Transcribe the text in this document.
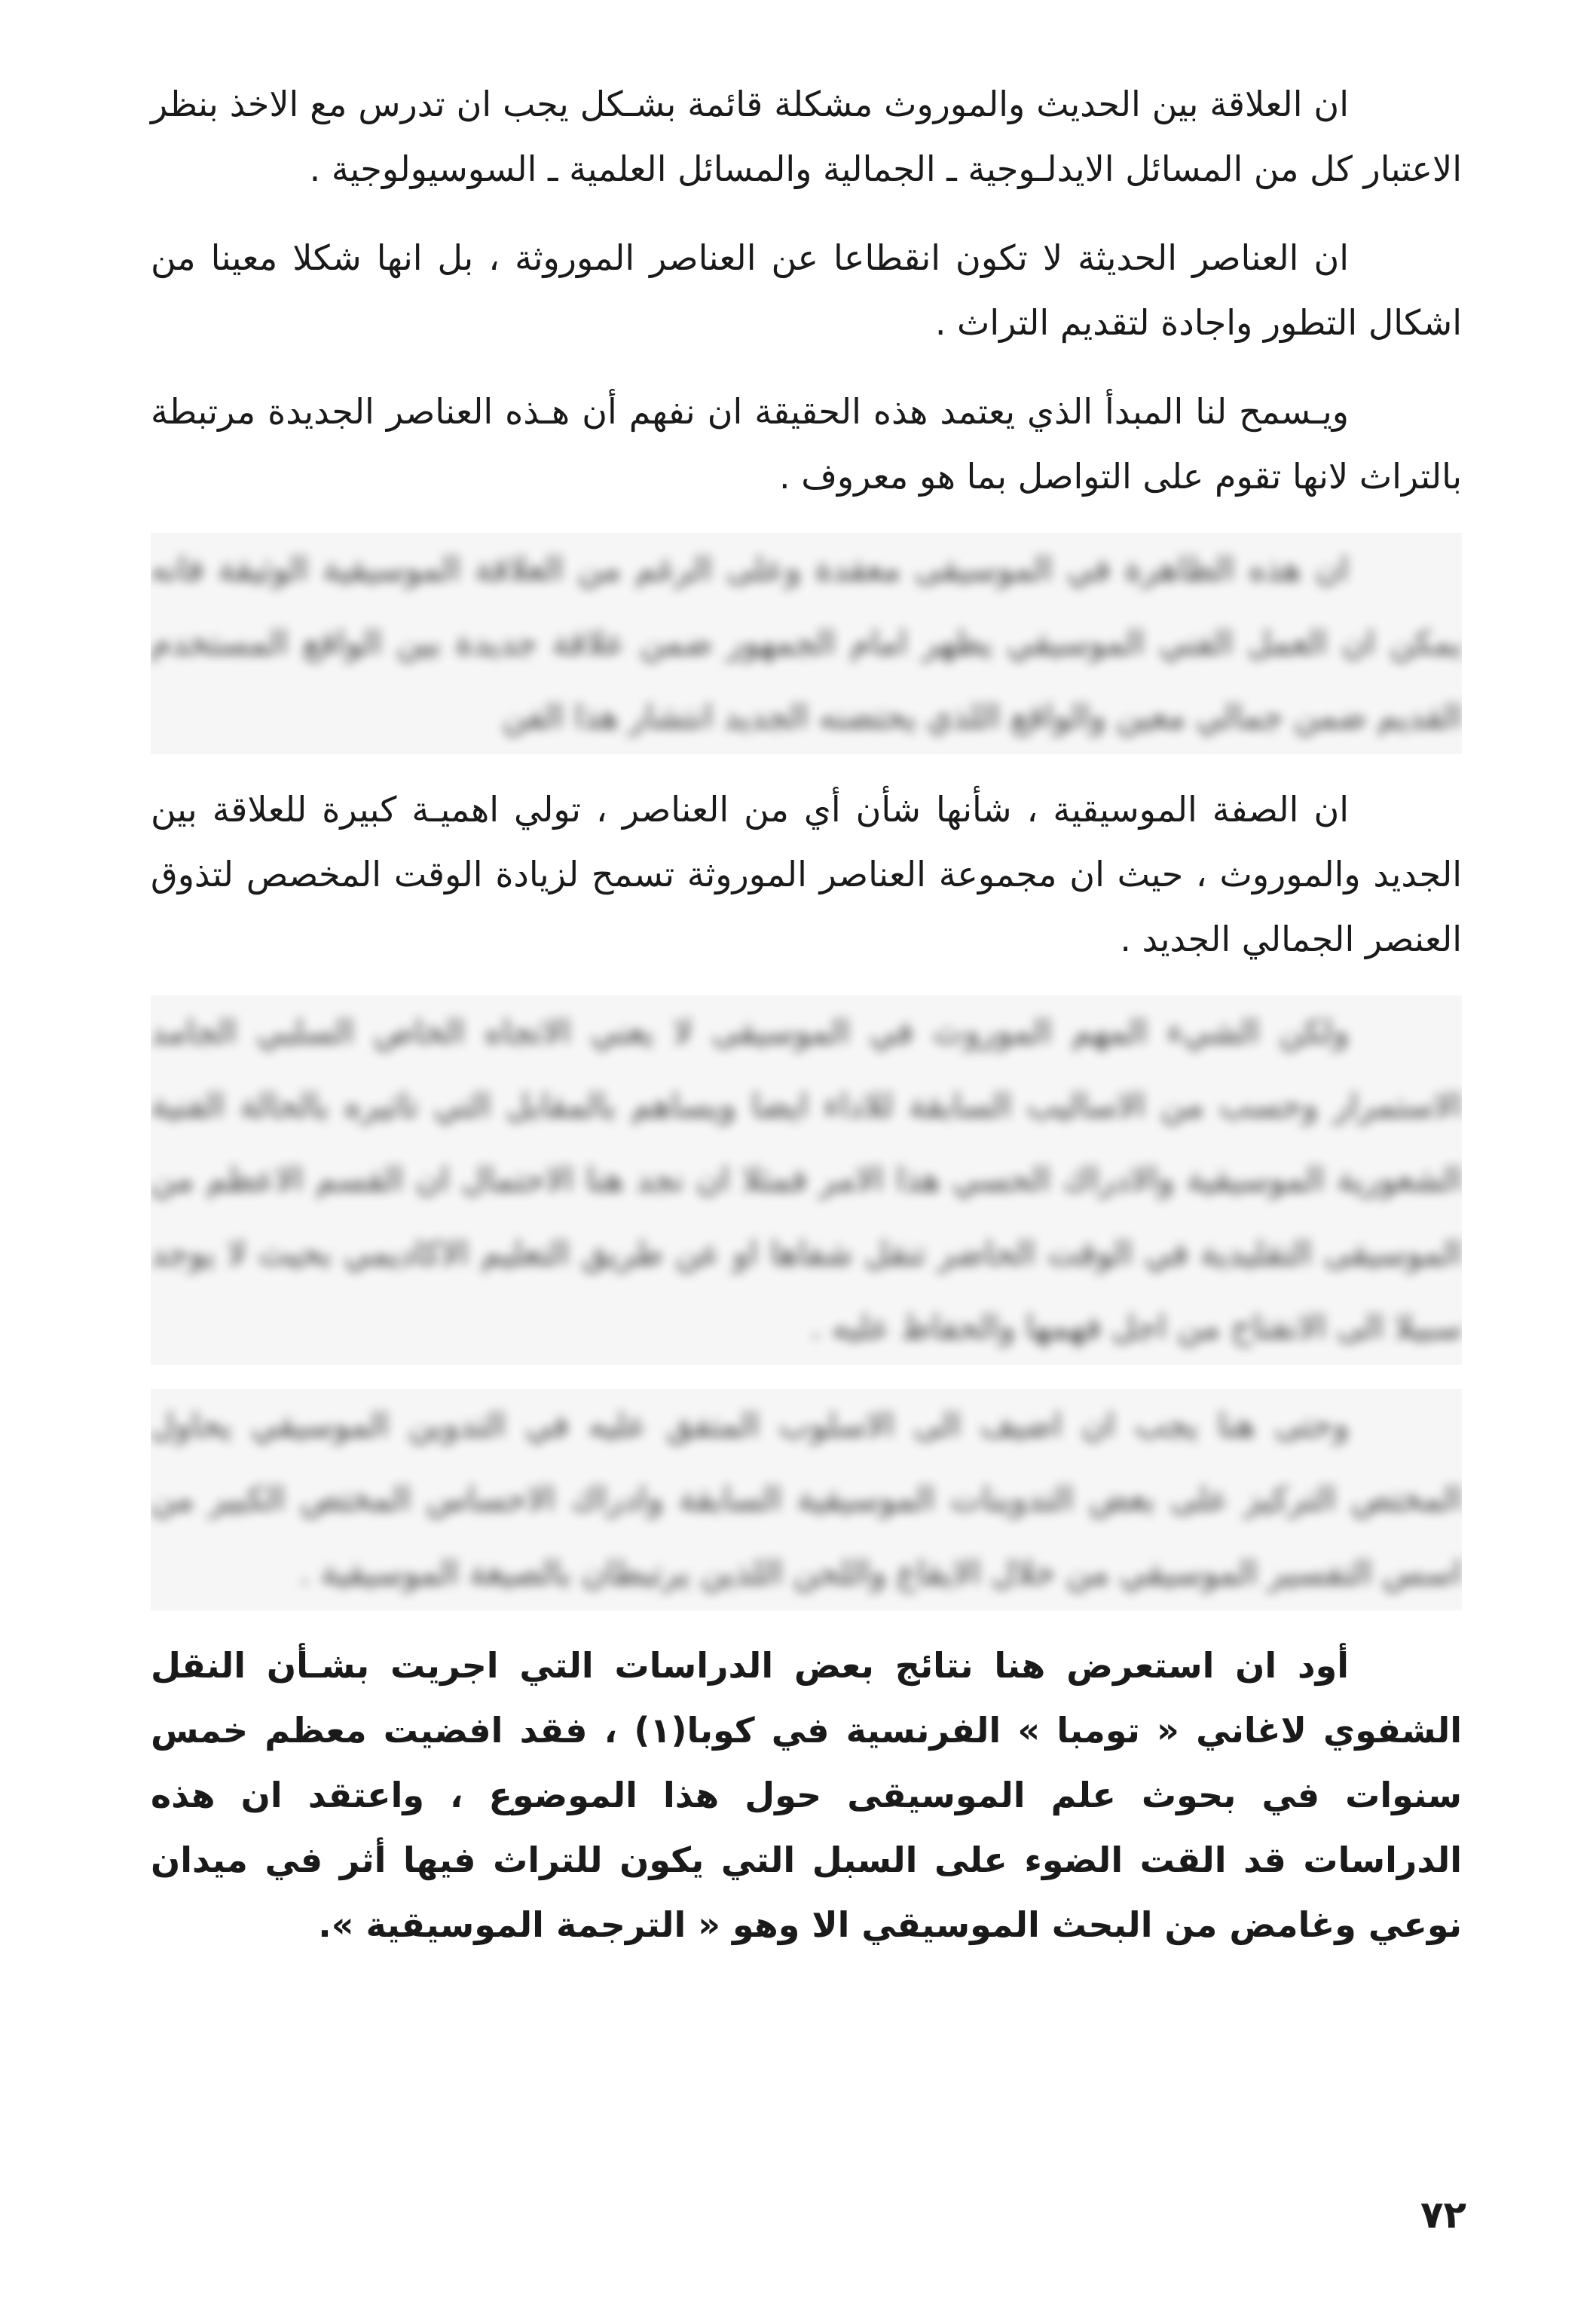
ان العلاقة بين الحديث والموروث مشكلة قائمة بشـكل يجب ان تدرس مع الاخذ بنظر الاعتبار كل من المسائل الايدلـوجية ـ الجمالية والمسائل العلمية ـ السوسيولوجية .

ان العناصر الحديثة لا تكون انقطاعا عن العناصر الموروثة ، بل انها شكلا معينا من اشكال التطور واجادة لتقديم التراث .

ويـسمح لنا المبدأ الذي يعتمد هذه الحقيقة ان نفهم أن هـذه العناصر الجديدة مرتبطة بالتراث لانها تقوم على التواصل بما هو معروف .

ان هذه الظاهرة في الموسيقى معقدة وعلى الرغم من العلاقة الموسيقية الوثيقة فانه يمكن ان العمل الفني الموسيقي يظهر امام الجمهور ضمن علاقة جديدة بين الواقع المستخدم القديم ضمن جمالي معين والواقع اللذي يحتضنه الجديد انتشار هذا الفن

ان الصفة الموسيقية ، شأنها شأن أي من العناصر ، تولي اهميـة كبيرة للعلاقة بين الجديد والموروث ، حيث ان مجموعة العناصر الموروثة تسمح لزيادة الوقت المخصص لتذوق العنصر الجمالي الجديد .

ولكن الشيء المهم الموروث في الموسيقى لا يعني الاتجاه الخاص السلبي الجامد الاستمرار وحسب من الاساليب السابقة للاداء ايضا ويساهم بالمقابل التي تاثيره بالحالة الفنية الشعورية الموسيقية والادراك الحسي هذا الامر فمثلا ان نجد هنا الاحتمال ان القسم الاعظم من الموسيقى التقليدية في الوقت الحاضر تنقل شفاها او عن طريق التعليم الاكاديمي بحيث لا يوجد سبيلا الى الانفتاح من اجل فهمها والحفاظ عليه .

وحتى هنا يجب ان اضيف الى الاسلوب المتفق عليه في التدوين الموسيقي يحاول المختص التركيز على بعض التدوينات الموسيقية السابقة وادراك الاحساس المختص الكبير من اسس التفسير الموسيقي من خلال الايقاع واللحن اللذين يرتبطان بالصيغة الموسيقية .

أود ان استعرض هنا نتائج بعض الدراسات التي اجريت بشـأن النقل الشفوي لاغاني « تومبا » الفرنسية في كوبا(١) ، فقد افضيت معظم خمس سنوات في بحوث علم الموسيقى حول هذا الموضوع ، واعتقد ان هذه الدراسات قد القت الضوء على السبل التي يكون للتراث فيها أثر في ميدان نوعي وغامض من البحث الموسيقي الا وهو « الترجمة الموسيقية ».

٧٢
